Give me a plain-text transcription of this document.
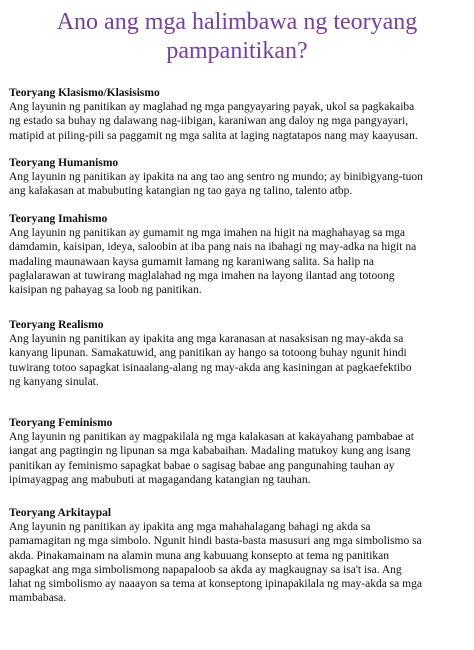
Ano ang mga halimbawa ng teoryang
pampanitikan?
Teoryang Klasismo/Klasisismo
Ang layunin ng panitikan ay maglahad ng mga pangyayaring payak, ukol sa pagkakaiba
ng estado sa buhay ng dalawang nag-iibigan, karaniwan ang daloy ng mga pangyayari,
matipid at piling-pili sa paggamit ng mga salita at laging nagtatapos nang may kaayusan.
Teoryang Humanismo
Ang layunin ng panitikan ay ipakita na ang tao ang sentro ng mundo; ay binibigyang-tuon
ang kalakasan at mabubuting katangian ng tao gaya ng talino, talento atbp.
Teoryang Imahismo
Ang layunin ng panitikan ay gumamit ng mga imahen na higit na maghahayag sa mga
damdamin, kaisipan, ideya, saloobin at iba pang nais na ibahagi ng may-adka na higit na
madaling maunawaan kaysa gumamit lamang ng karaniwang salita. Sa halip na
paglalarawan at tuwirang maglalahad ng mga imahen na layong ilantad ang totoong
kaisipan ng pahayag sa loob ng panitikan.
Teoryang Realismo
Ang layunin ng panitikan ay ipakita ang mga karanasan at nasaksisan ng may-akda sa
kanyang lipunan. Samakatuwid, ang panitikan ay hango sa totoong buhay ngunit hindi
tuwirang totoo sapagkat isinaalang-alang ng may-akda ang kasiningan at pagkaefektibo
ng kanyang sinulat.
Teoryang Feminismo
Ang layunin ng panitikan ay magpakilala ng mga kalakasan at kakayahang pambabae at
iangat ang pagtingin ng lipunan sa mga kababaihan. Madaling matukoy kung ang isang
panitikan ay feminismo sapagkat babae o sagisag babae ang pangunahing tauhan ay
ipimayagpag ang mabubuti at magagandang katangian ng tauhan.
Teoryang Arkitaypal
Ang layunin ng panitikan ay ipakita ang mga mahahalagang bahagi ng akda sa
pamamagitan ng mga simbolo. Ngunit hindi basta-basta masusuri ang mga simbolismo sa
akda. Pinakamainam na alamin muna ang kabuuang konsepto at tema ng panitikan
sapagkat ang mga simbolismong napapaloob sa akda ay magkaugnay sa isa't isa. Ang
lahat ng simbolismo ay naaayon sa tema at konseptong ipinapakilala ng may-akda sa mga
mambabasa.
